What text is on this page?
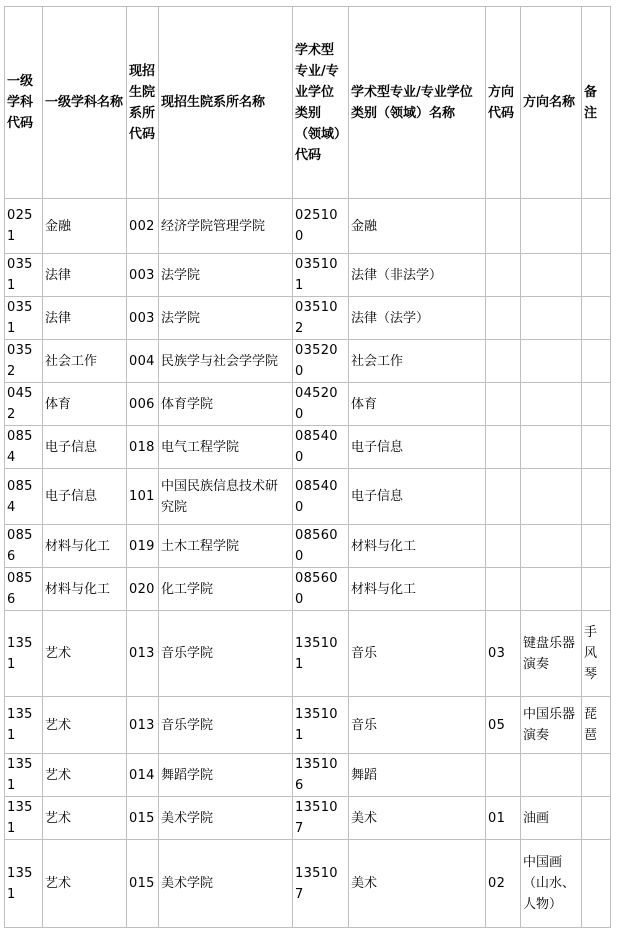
一级学科代码	一级学科名称	现招生院系所代码	现招生院系所名称	学术型专业/专业学位类别（领域）代码	学术型专业/专业学位类别（领域）名称	方向代码	方向名称	备注
0251	金融	002	经济学院管理学院	025100	金融			
0351	法律	003	法学院	035101	法律（非法学）			
0351	法律	003	法学院	035102	法律（法学）			
0352	社会工作	004	民族学与社会学学院	035200	社会工作			
0452	体育	006	体育学院	045200	体育			
0854	电子信息	018	电气工程学院	085400	电子信息			
0854	电子信息	101	中国民族信息技术研究院	085400	电子信息			
0856	材料与化工	019	土木工程学院	085600	材料与化工			
0856	材料与化工	020	化工学院	085600	材料与化工			
1351	艺术	013	音乐学院	135101	音乐	03	键盘乐器演奏	手风琴
1351	艺术	013	音乐学院	135101	音乐	05	中国乐器演奏	琵琶
1351	艺术	014	舞蹈学院	135106	舞蹈			
1351	艺术	015	美术学院	135107	美术	01	油画	
1351	艺术	015	美术学院	135107	美术	02	中国画（山水、人物）	
